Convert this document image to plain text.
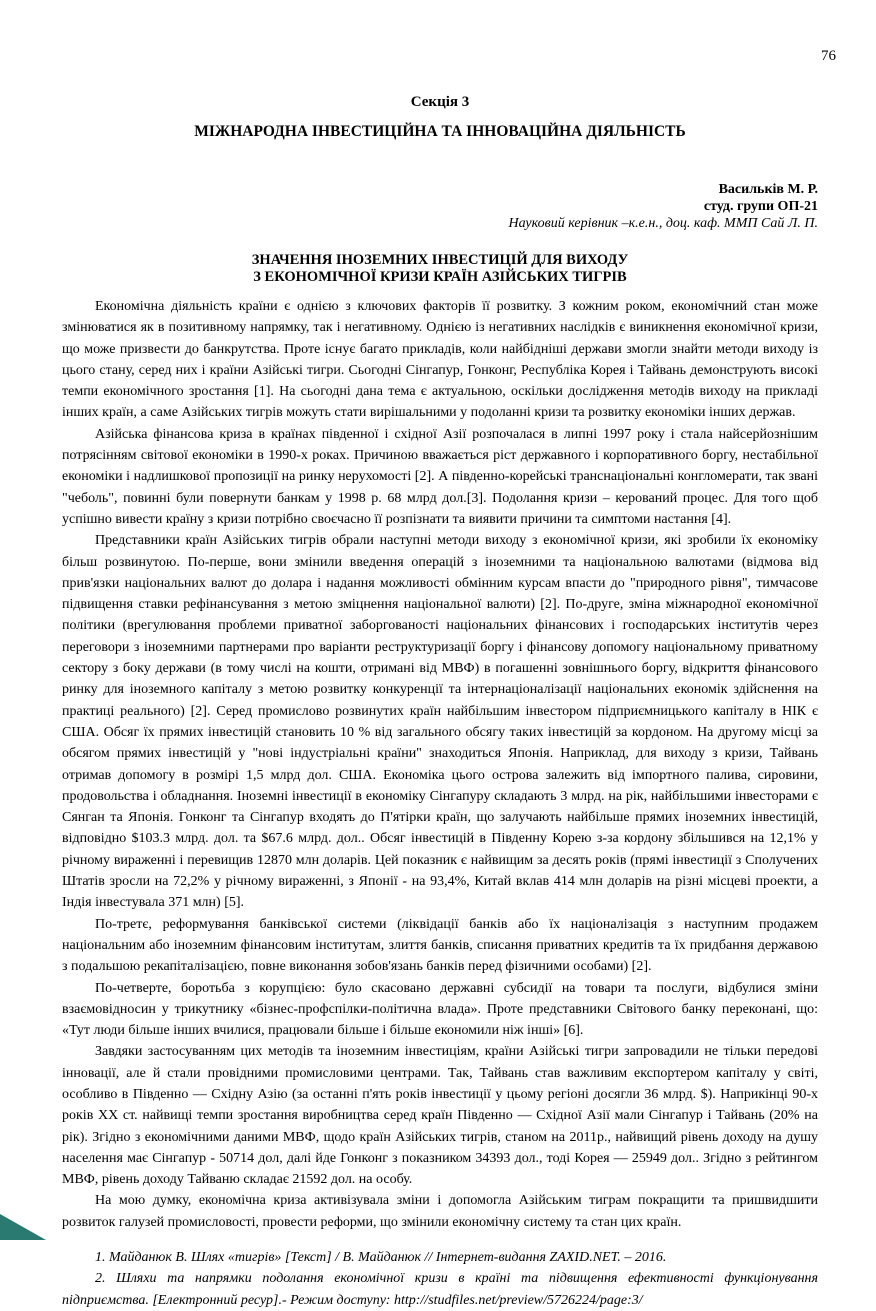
76
Секція 3
МІЖНАРОДНА ІНВЕСТИЦІЙНА ТА ІННОВАЦІЙНА ДІЯЛЬНІСТЬ
Васильків М. Р.
студ. групи ОП-21
Науковий керівник –к.е.н., доц. каф. ММП Сай Л. П.
ЗНАЧЕННЯ ІНОЗЕМНИХ ІНВЕСТИЦІЙ ДЛЯ ВИХОДУ
З ЕКОНОМІЧНОЇ КРИЗИ КРАЇН АЗІЙСЬКИХ ТИГРІВ

Економічна діяльність країни є однією з ключових факторів її розвитку. З кожним роком, економічний стан може змінюватися як в позитивному напрямку, так і негативному. Однією із негативних наслідків є виникнення економічної кризи, що може призвести до банкрутства. Проте існує багато прикладів, коли найбідніші держави змогли знайти методи виходу із цього стану, серед них і країни Азійські тигри. Сьогодні Сінгапур, Гонконг, Республіка Корея і Тайвань демонструють високі темпи економічного зростання [1]. На сьогодні дана тема є актуальною, оскільки дослідження методів виходу на прикладі інших країн, а саме Азійських тигрів можуть стати вирішальними у подоланні кризи та розвитку економіки інших держав.

Азійська фінансова криза в країнах південної і східної Азії розпочалася в липні 1997 року і стала найсерйознішим потрясінням світової економіки в 1990-х роках. Причиною вважається ріст державного і корпоративного боргу, нестабільної економіки і надлишкової пропозиції на ринку нерухомості [2]. А південно-корейські транснаціональні конгломерати, так звані "чеболь", повинні були повернути банкам у 1998 р. 68 млрд дол.[3]. Подолання кризи – керований процес. Для того щоб успішно вивести країну з кризи потрібно своєчасно її розпізнати та виявити причини та симптоми настання [4].

Представники країн Азійських тигрів обрали наступні методи виходу з економічної кризи, які зробили їх економіку більш розвинутою. По-перше, вони змінили введення операцій з іноземними та національною валютами (відмова від прив'язки національних валют до долара і надання можливості обмінним курсам впасти до "природного рівня", тимчасове підвищення ставки рефінансування з метою зміцнення національної валюти) [2]. По-друге, зміна міжнародної економічної політики (врегулювання проблеми приватної заборгованості національних фінансових і господарських інститутів через переговори з іноземними партнерами про варіанти реструктуризації боргу і фінансову допомогу національному приватному сектору з боку держави (в тому числі на кошти, отримані від МВФ) в погашенні зовнішнього боргу, відкриття фінансового ринку для іноземного капіталу з метою розвитку конкуренції та інтернаціоналізації національних економік здійснення на практиці реального) [2]. Серед промислово розвинутих країн найбільшим інвестором підприємницького капіталу в НІК є США. Обсяг їх прямих інвестицій становить 10 % від загального обсягу таких інвестицій за кордоном. На другому місці за обсягом прямих інвестицій у "нові індустріальні країни" знаходиться Японія. Наприклад, для виходу з кризи, Тайвань отримав допомогу в розмірі 1,5 млрд дол. США. Економіка цього острова залежить від імпортного палива, сировини, продовольства і обладнання. Іноземні інвестиції в економіку Сінгапуру складають 3 млрд. на рік, найбільшими інвесторами є Сянган та Японія. Гонконг та Сінгапур входять до П'ятірки країн, що залучають найбільше прямих іноземних інвестицій, відповідно $103.3 млрд. дол. та $67.6 млрд. дол.. Обсяг інвестицій в Південну Корею з-за кордону збільшився на 12,1% у річному вираженні і перевищив 12870 млн доларів. Цей показник є найвищим за десять років (прямі інвестиції з Сполучених Штатів зросли на 72,2% у річному вираженні, з Японії - на 93,4%, Китай вклав 414 млн доларів на різні місцеві проекти, а Індія інвестувала 371 млн) [5].

По-третє, реформування банківської системи (ліквідації банків або їх націоналізація з наступним продажем національним або іноземним фінансовим інститутам, злиття банків, списання приватних кредитів та їх придбання державою з подальшою рекапіталізацією, повне виконання зобов'язань банків перед фізичними особами) [2].

По-четверте, боротьба з корупцією: було скасовано державні субсидії на товари та послуги, відбулися зміни взаємовідносин у трикутнику «бізнес-профспілки-політична влада». Проте представники Світового банку переконані, що: «Тут люди більше інших вчилися, працювали більше і більше економили ніж інші» [6].

Завдяки застосуванням цих методів та іноземним інвестиціям, країни Азійські тигри запровадили не тільки передові інновації, але й стали провідними промисловими центрами. Так, Тайвань став важливим експортером капіталу у світі, особливо в Південно — Східну Азію (за останні п'ять років інвестиції у цьому регіоні досягли 36 млрд. $). Наприкінці 90-х років ХХ ст. найвищі темпи зростання виробництва серед країн Південно — Східної Азії мали Сінгапур і Тайвань (20% на рік). Згідно з економічними даними МВФ, щодо країн Азійських тигрів, станом на 2011р., найвищий рівень доходу на душу населення має Сінгапур - 50714 дол, далі йде Гонконг з показником 34393 дол., тоді Корея — 25949 дол.. Згідно з рейтингом МВФ, рівень доходу Тайваню складає 21592 дол. на особу.

На мою думку, економічна криза активізувала зміни і допомогла Азійським тиграм покращити та пришвидшити розвиток галузей промисловості, провести реформи, що змінили економічну систему та стан цих країн.

1. Майданюк В. Шлях «тигрів» [Текст] / В. Майданюк // Інтернет-видання ZAXID.NET. – 2016.

2. Шляхи та напрямки подолання економічної кризи в країні та підвищення ефективності функціонування підприємства. [Електронний ресур].- Режим доступу: http://studfiles.net/preview/5726224/page:3/
